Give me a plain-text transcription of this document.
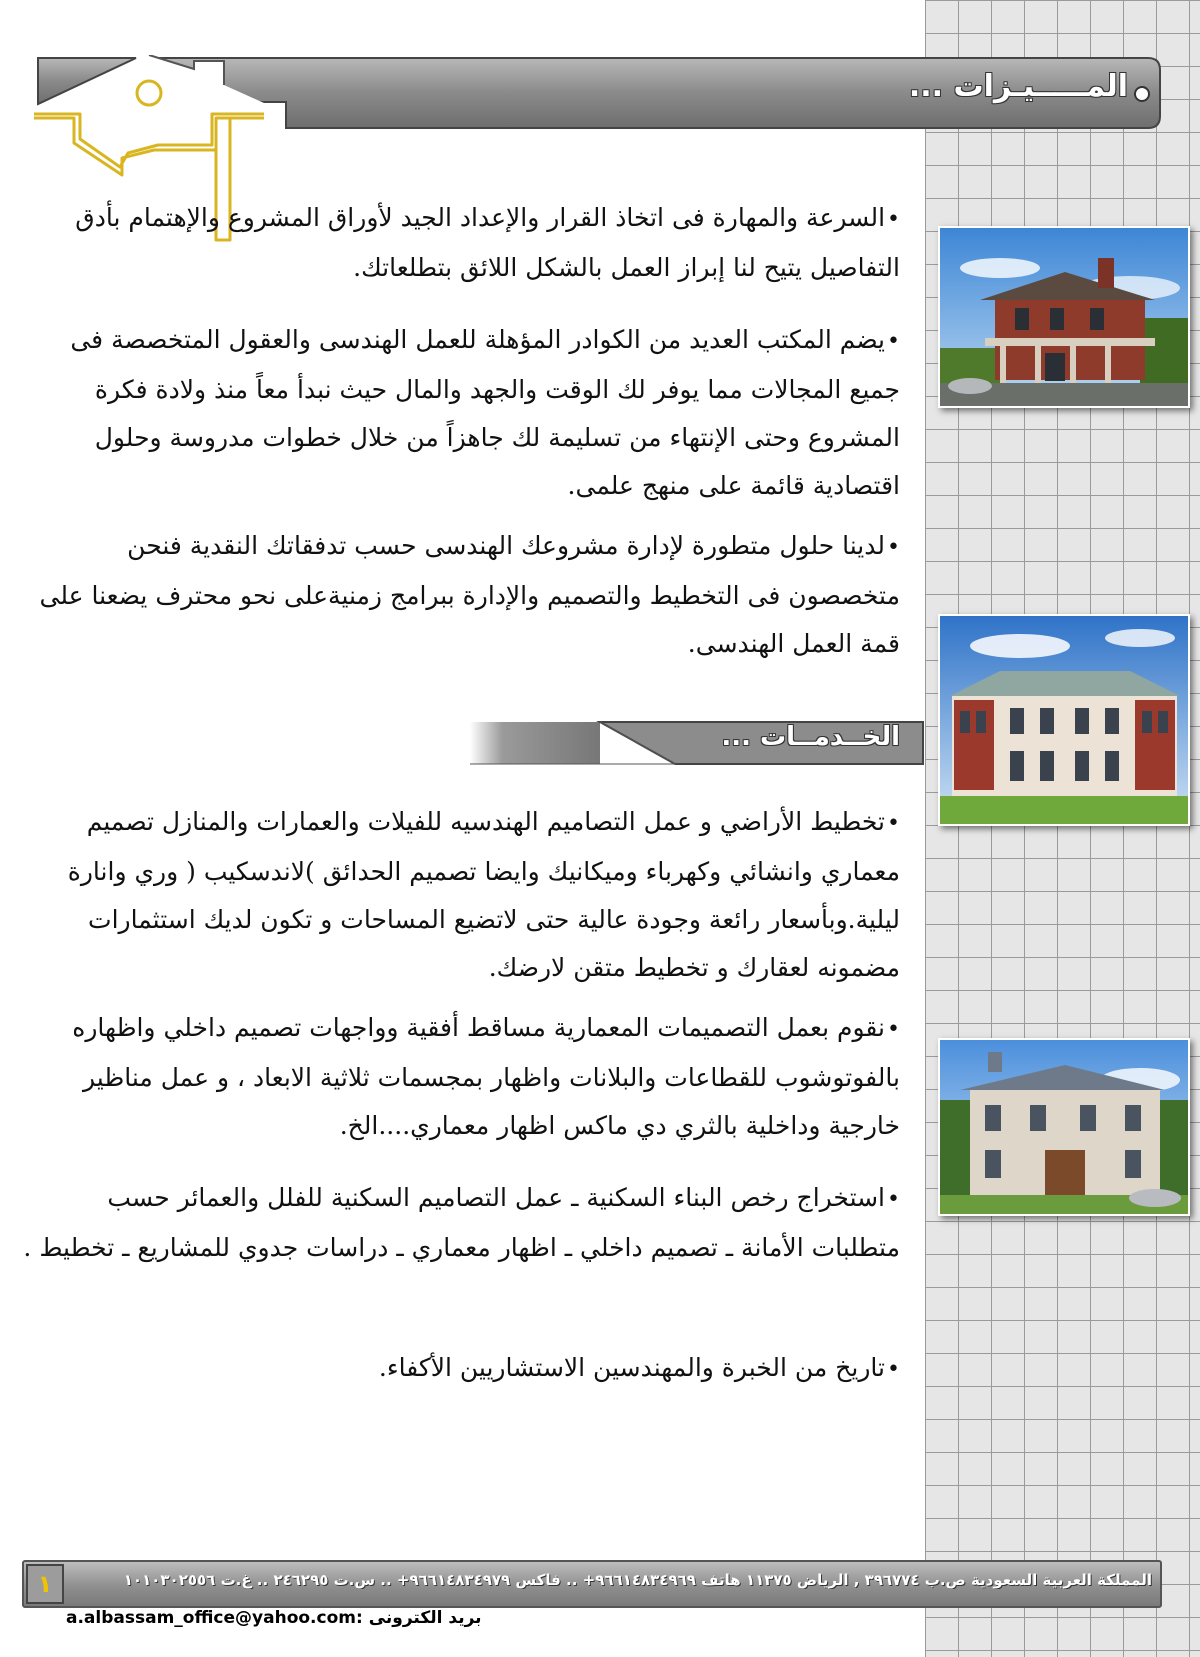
المـــــيـزات ...
•السرعة والمهارة فى اتخاذ القرار والإعداد الجيد لأوراق المشروع والإهتمام بأدق التفاصيل يتيح لنا إبراز العمل بالشكل اللائق بتطلعاتك.
•يضم المكتب العديد من الكوادر المؤهلة للعمل الهندسى والعقول المتخصصة فى جميع المجالات مما يوفر لك الوقت والجهد والمال حيث نبدأ معاً منذ ولادة فكرة المشروع وحتى الإنتهاء من تسليمة لك جاهزاً من خلال خطوات مدروسة وحلول اقتصادية قائمة على منهج علمى.
•لدينا حلول متطورة لإدارة مشروعك الهندسى حسب تدفقاتك النقدية فنحن متخصصون فى التخطيط والتصميم والإدارة ببرامج زمنيةعلى نحو محترف يضعنا على قمة العمل الهندسى.
الخــدمــات ...
•تخطيط الأراضي و عمل التصاميم الهندسيه للفيلات والعمارات والمنازل تصميم معماري وانشائي وكهرباء وميكانيك وايضا تصميم الحدائق )لاندسكيب ( وري وانارة ليلية.وبأسعار رائعة وجودة عالية حتى لاتضيع المساحات و تكون لديك استثمارات مضمونه لعقارك و تخطيط متقن لارضك.
•نقوم بعمل التصميمات المعمارية مساقط أفقية وواجهات تصميم داخلي واظهاره بالفوتوشوب للقطاعات والبلانات واظهار بمجسمات ثلاثية الابعاد ، و عمل مناظير خارجية وداخلية بالثري دي ماكس اظهار معماري....الخ.
•استخراج رخص البناء السكنية ـ عمل التصاميم السكنية للفلل والعمائر حسب متطلبات الأمانة ـ تصميم داخلي ـ اظهار معماري ـ دراسات جدوي للمشاريع ـ تخطيط .
•تاريخ من الخبرة والمهندسين الاستشاريين الأكفاء.
١	المملكة العربية السعودية ص.ب ٣٩٦٧٧٤ , الرياض ١١٣٧٥ هاتف ٩٦٦١٤٨٣٤٩٦٩+ .. فاكس ٩٦٦١٤٨٣٤٩٧٩+ .. س.ت ٢٤٦٢٩٥ .. غ.ت ١٠١٠٣٠٢٥٥٦
a.albassam_office@yahoo.com: بريد الكترونى
